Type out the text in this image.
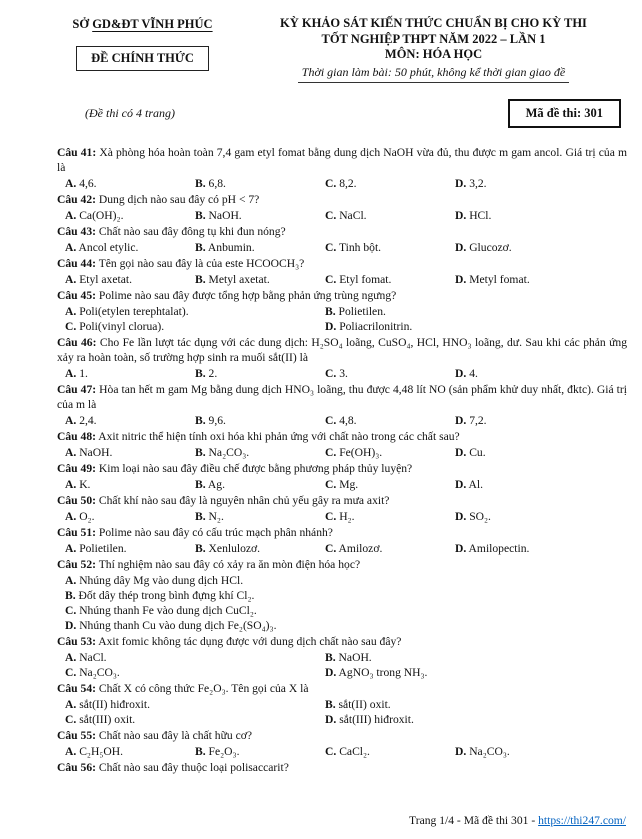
SỞ GD&ĐT VĨNH PHÚC
ĐỀ CHÍNH THỨC
KỲ KHẢO SÁT KIẾN THỨC CHUẨN BỊ CHO KỲ THI
TỐT NGHIỆP THPT NĂM 2022 – LẦN 1
MÔN: HÓA HỌC
Thời gian làm bài: 50 phút, không kể thời gian giao đề
(Đề thi có 4 trang)	Mã đề thi: 301
Câu 41: Xà phòng hóa hoàn toàn 7,4 gam etyl fomat bằng dung dịch NaOH vừa đủ, thu được m gam ancol. Giá trị của m là
A. 4,6.	B. 6,8.	C. 8,2.	D. 3,2.
Câu 42: Dung dịch nào sau đây có pH < 7?
A. Ca(OH)₂.	B. NaOH.	C. NaCl.	D. HCl.
Câu 43: Chất nào sau đây đông tụ khi đun nóng?
A. Ancol etylic.	B. Anbumin.	C. Tinh bột.	D. Glucozơ.
Câu 44: Tên gọi nào sau đây là của este HCOOCH₃?
A. Etyl axetat.	B. Metyl axetat.	C. Etyl fomat.	D. Metyl fomat.
Câu 45: Polime nào sau đây được tổng hợp bằng phản ứng trùng ngưng?
A. Poli(etylen terephtalat).	B. Polietilen.
C. Poli(vinyl clorua).	D. Poliacrilonitrin.
Câu 46: Cho Fe lần lượt tác dụng với các dung dịch: H₂SO₄ loãng, CuSO₄, HCl, HNO₃ loãng, dư. Sau khi các phản ứng xảy ra hoàn toàn, số trường hợp sinh ra muối sắt(II) là
A. 1.	B. 2.	C. 3.	D. 4.
Câu 47: Hòa tan hết m gam Mg bằng dung dịch HNO₃ loãng, thu được 4,48 lít NO (sản phẩm khử duy nhất, đktc). Giá trị của m là
A. 2,4.	B. 9,6.	C. 4,8.	D. 7,2.
Câu 48: Axit nitric thể hiện tính oxi hóa khi phản ứng với chất nào trong các chất sau?
A. NaOH.	B. Na₂CO₃.	C. Fe(OH)₃.	D. Cu.
Câu 49: Kim loại nào sau đây điều chế được bằng phương pháp thủy luyện?
A. K.	B. Ag.	C. Mg.	D. Al.
Câu 50: Chất khí nào sau đây là nguyên nhân chủ yếu gây ra mưa axit?
A. O₂.	B. N₂.	C. H₂.	D. SO₂.
Câu 51: Polime nào sau đây có cấu trúc mạch phân nhánh?
A. Polietilen.	B. Xenlulozơ.	C. Amilozơ.	D. Amilopectin.
Câu 52: Thí nghiệm nào sau đây có xảy ra ăn mòn điện hóa học?
A. Nhúng dây Mg vào dung dịch HCl.
B. Đốt dây thép trong bình đựng khí Cl₂.
C. Nhúng thanh Fe vào dung dịch CuCl₂.
D. Nhúng thanh Cu vào dung dịch Fe₂(SO₄)₃.
Câu 53: Axit fomic không tác dụng được với dung dịch chất nào sau đây?
A. NaCl.	B. NaOH.
C. Na₂CO₃.	D. AgNO₃ trong NH₃.
Câu 54: Chất X có công thức Fe₂O₃. Tên gọi của X là
A. sắt(II) hiđroxit.	B. sắt(II) oxit.
C. sắt(III) oxit.	D. sắt(III) hiđroxit.
Câu 55: Chất nào sau đây là chất hữu cơ?
A. C₂H₅OH.	B. Fe₂O₃.	C. CaCl₂.	D. Na₂CO₃.
Câu 56: Chất nào sau đây thuộc loại polisaccarit?
Trang 1/4 - Mã đề thi 301 - https://thi247.com/
